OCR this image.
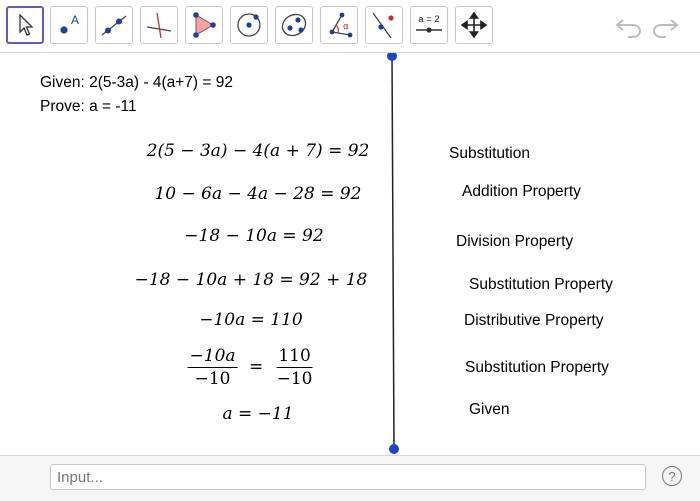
A	α
a = 2
Given: 2(5-3a) - 4(a+7) = 92
Prove: a = -11
2(5 − 3a) − 4(a + 7) = 92
10 − 6a − 4a − 28 = 92
−18 − 10a = 92
−18 − 10a + 18 = 92 + 18
−10a = 110
$\frac{-10a}{-10} = \frac{110}{-10}$
a = −11
Substitution
Addition Property
Division Property
Substitution Property
Distributive Property
Substitution Property
Given
Input...
?
